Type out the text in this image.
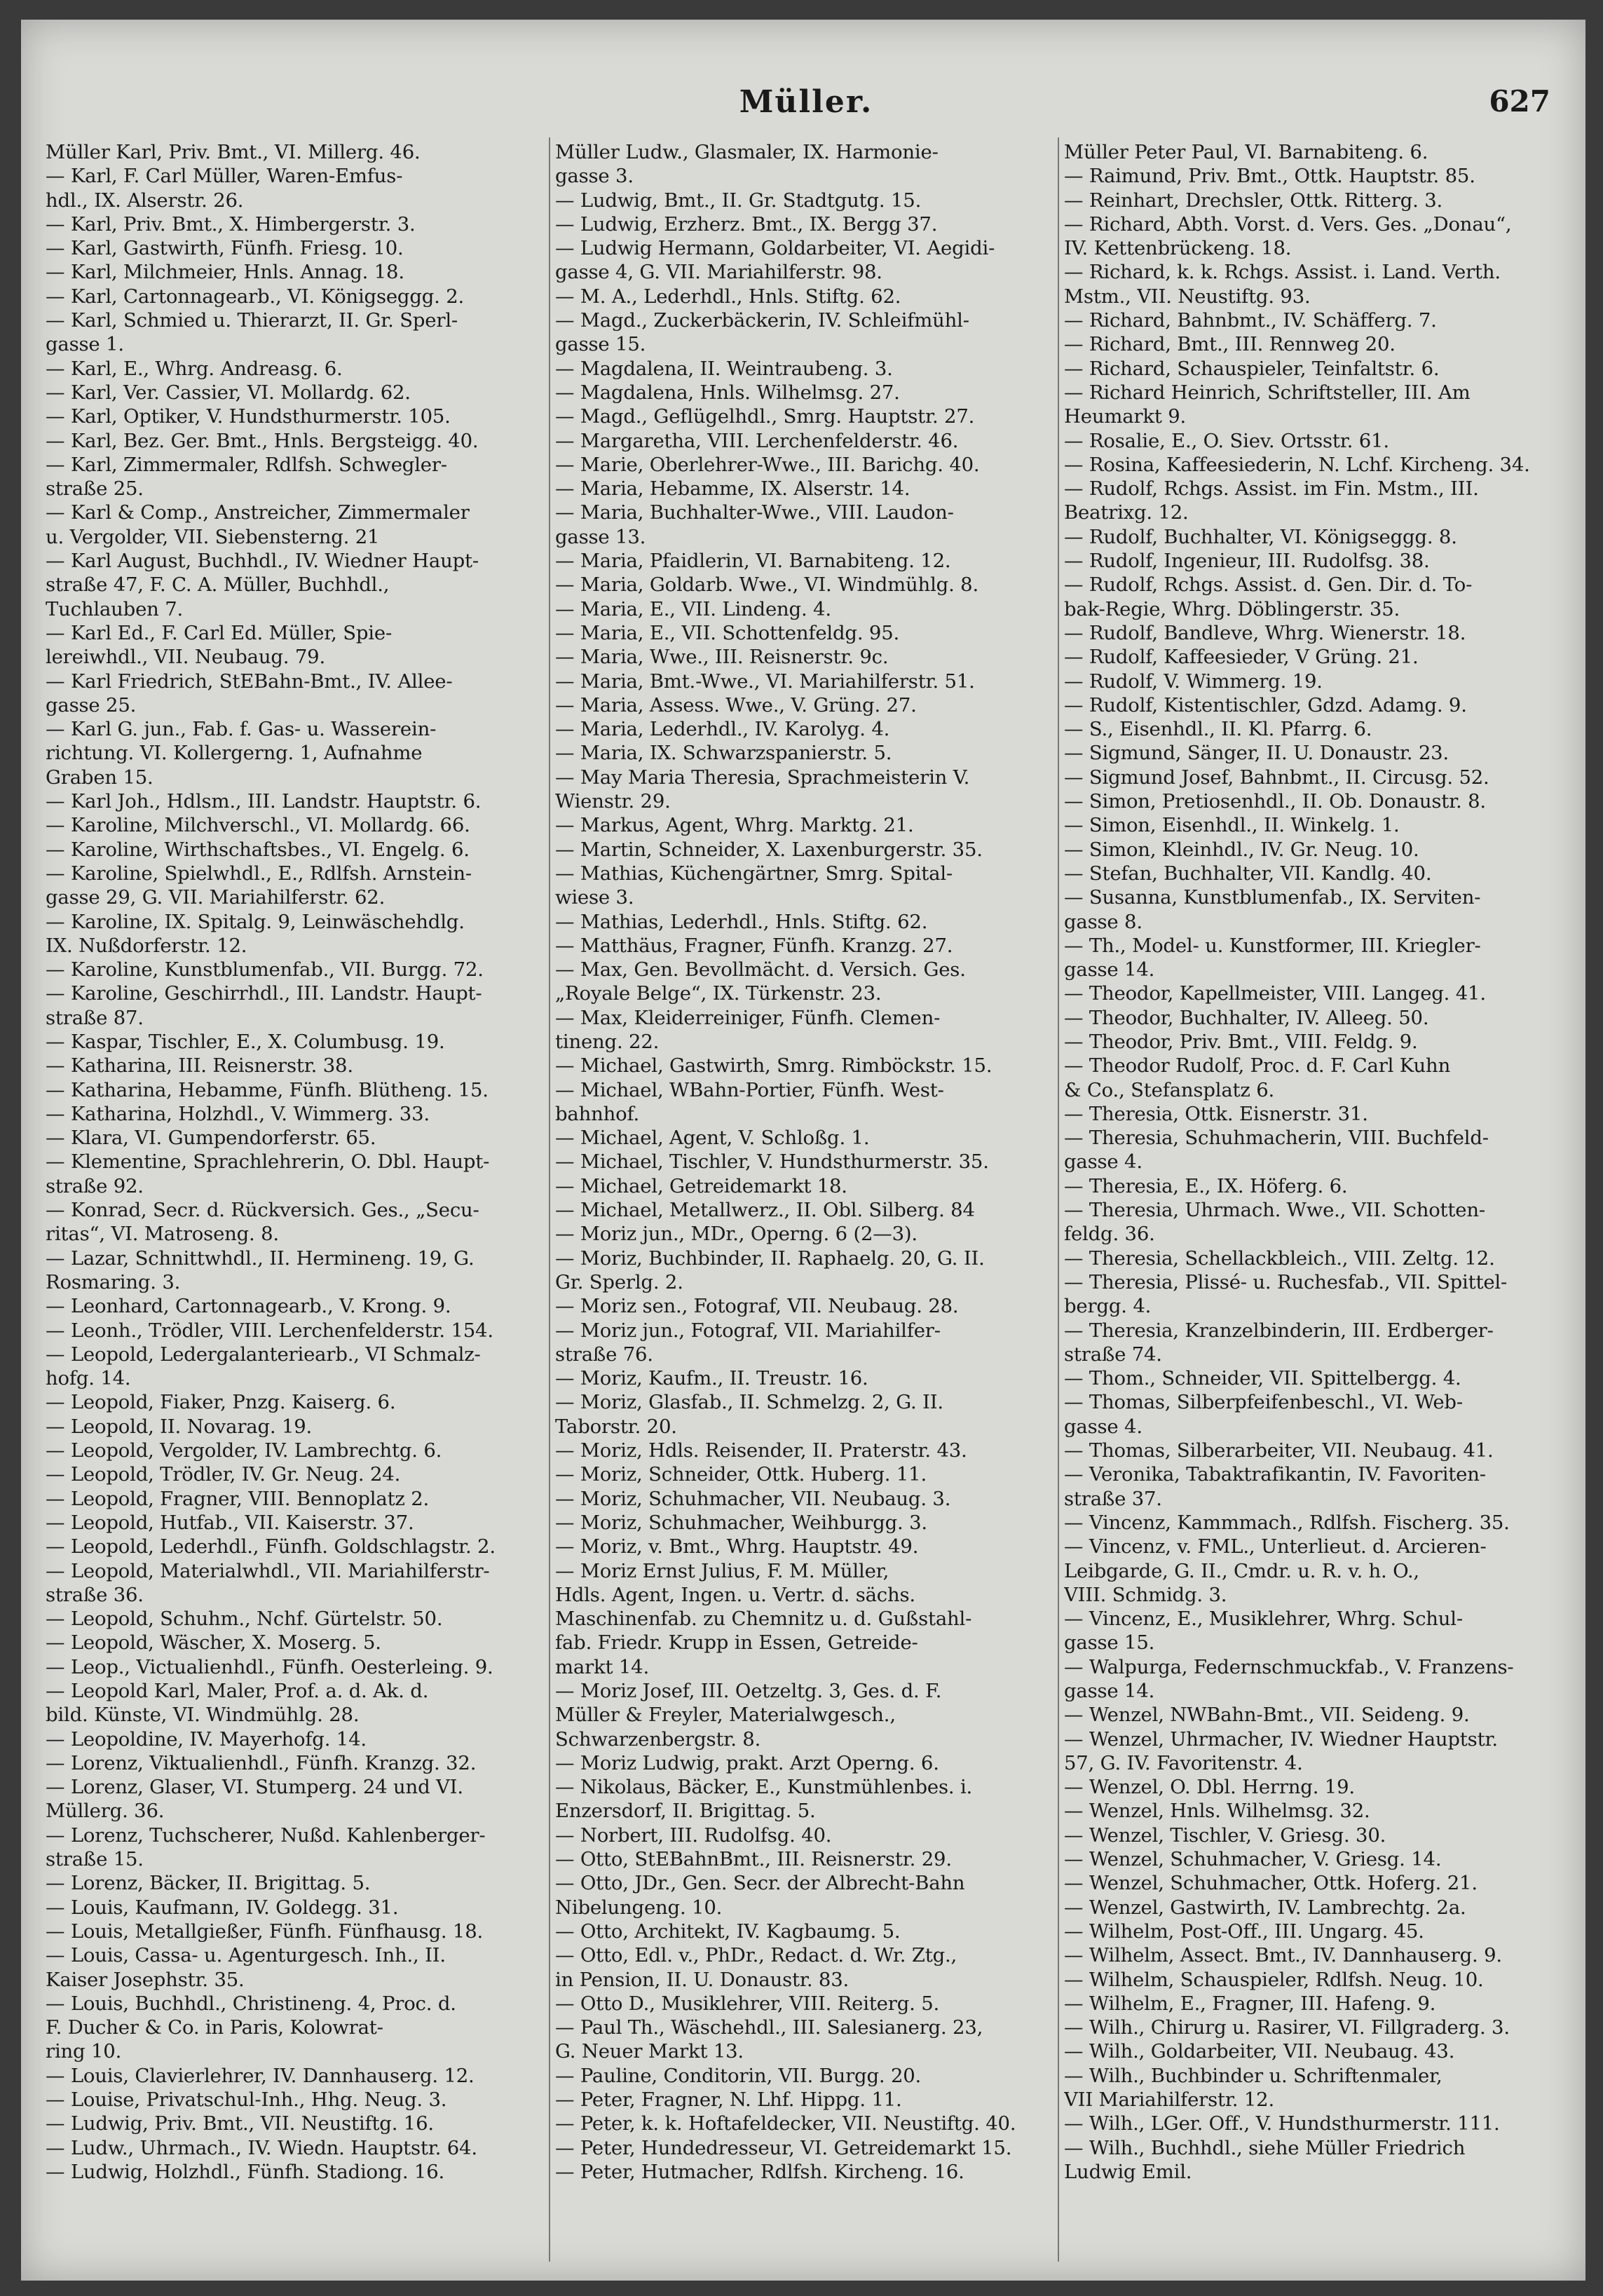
Müller.	627
Müller Karl, Priv. Bmt., VI. Millerg. 46.
— Karl, F. Carl Müller, Waren-Emfus-
hdl., IX. Alserstr. 26.
— Karl, Priv. Bmt., X. Himbergerstr. 3.
— Karl, Gastwirth, Fünfh. Friesg. 10.
— Karl, Milchmeier, Hnls. Annag. 18.
— Karl, Cartonnagearb., VI. Königseggg. 2.
— Karl, Schmied u. Thierarzt, II. Gr. Sperl-
gasse 1.
— Karl, E., Whrg. Andreasg. 6.
— Karl, Ver. Cassier, VI. Mollardg. 62.
— Karl, Optiker, V. Hundsthurmerstr. 105.
— Karl, Bez. Ger. Bmt., Hnls. Bergsteigg. 40.
— Karl, Zimmermaler, Rdlfsh. Schwegler-
straße 25.
— Karl & Comp., Anstreicher, Zimmermaler
u. Vergolder, VII. Siebensterng. 21
— Karl August, Buchhdl., IV. Wiedner Haupt-
straße 47, F. C. A. Müller, Buchhdl.,
Tuchlauben 7.
— Karl Ed., F. Carl Ed. Müller, Spie-
lereiwhdl., VII. Neubaug. 79.
— Karl Friedrich, StEBahn-Bmt., IV. Allee-
gasse 25.
— Karl G. jun., Fab. f. Gas- u. Wasserein-
richtung. VI. Kollergerng. 1, Aufnahme
Graben 15.
— Karl Joh., Hdlsm., III. Landstr. Hauptstr. 6.
— Karoline, Milchverschl., VI. Mollardg. 66.
— Karoline, Wirthschaftsbes., VI. Engelg. 6.
— Karoline, Spielwhdl., E., Rdlfsh. Arnstein-
gasse 29, G. VII. Mariahilferstr. 62.
— Karoline, IX. Spitalg. 9, Leinwäschehdlg.
IX. Nußdorferstr. 12.
— Karoline, Kunstblumenfab., VII. Burgg. 72.
— Karoline, Geschirrhdl., III. Landstr. Haupt-
straße 87.
— Kaspar, Tischler, E., X. Columbusg. 19.
— Katharina, III. Reisnerstr. 38.
— Katharina, Hebamme, Fünfh. Blütheng. 15.
— Katharina, Holzhdl., V. Wimmerg. 33.
— Klara, VI. Gumpendorferstr. 65.
— Klementine, Sprachlehrerin, O. Dbl. Haupt-
straße 92.
— Konrad, Secr. d. Rückversich. Ges., „Secu-
ritas“, VI. Matroseng. 8.
— Lazar, Schnittwhdl., II. Hermineng. 19, G.
Rosmaring. 3.
— Leonhard, Cartonnagearb., V. Krong. 9.
— Leonh., Trödler, VIII. Lerchenfelderstr. 154.
— Leopold, Ledergalanteriearb., VI Schmalz-
hofg. 14.
— Leopold, Fiaker, Pnzg. Kaiserg. 6.
— Leopold, II. Novarag. 19.
— Leopold, Vergolder, IV. Lambrechtg. 6.
— Leopold, Trödler, IV. Gr. Neug. 24.
— Leopold, Fragner, VIII. Bennoplatz 2.
— Leopold, Hutfab., VII. Kaiserstr. 37.
— Leopold, Lederhdl., Fünfh. Goldschlagstr. 2.
— Leopold, Materialwhdl., VII. Mariahilferstr-
straße 36.
— Leopold, Schuhm., Nchf. Gürtelstr. 50.
— Leopold, Wäscher, X. Moserg. 5.
— Leop., Victualienhdl., Fünfh. Oesterleing. 9.
— Leopold Karl, Maler, Prof. a. d. Ak. d.
bild. Künste, VI. Windmühlg. 28.
— Leopoldine, IV. Mayerhofg. 14.
— Lorenz, Viktualienhdl., Fünfh. Kranzg. 32.
— Lorenz, Glaser, VI. Stumperg. 24 und VI.
Müllerg. 36.
— Lorenz, Tuchscherer, Nußd. Kahlenberger-
straße 15.
— Lorenz, Bäcker, II. Brigittag. 5.
— Louis, Kaufmann, IV. Goldegg. 31.
— Louis, Metallgießer, Fünfh. Fünfhausg. 18.
— Louis, Cassa- u. Agenturgesch. Inh., II.
Kaiser Josephstr. 35.
— Louis, Buchhdl., Christineng. 4, Proc. d.
F. Ducher & Co. in Paris, Kolowrat-
ring 10.
— Louis, Clavierlehrer, IV. Dannhauserg. 12.
— Louise, Privatschul-Inh., Hhg. Neug. 3.
— Ludwig, Priv. Bmt., VII. Neustiftg. 16.
— Ludw., Uhrmach., IV. Wiedn. Hauptstr. 64.
— Ludwig, Holzhdl., Fünfh. Stadiong. 16.
Müller Ludw., Glasmaler, IX. Harmonie-
gasse 3.
— Ludwig, Bmt., II. Gr. Stadtgutg. 15.
— Ludwig, Erzherz. Bmt., IX. Bergg 37.
— Ludwig Hermann, Goldarbeiter, VI. Aegidi-
gasse 4, G. VII. Mariahilferstr. 98.
— M. A., Lederhdl., Hnls. Stiftg. 62.
— Magd., Zuckerbäckerin, IV. Schleifmühl-
gasse 15.
— Magdalena, II. Weintraubeng. 3.
— Magdalena, Hnls. Wilhelmsg. 27.
— Magd., Geflügelhdl., Smrg. Hauptstr. 27.
— Margaretha, VIII. Lerchenfelderstr. 46.
— Marie, Oberlehrer-Wwe., III. Barichg. 40.
— Maria, Hebamme, IX. Alserstr. 14.
— Maria, Buchhalter-Wwe., VIII. Laudon-
gasse 13.
— Maria, Pfaidlerin, VI. Barnabiteng. 12.
— Maria, Goldarb. Wwe., VI. Windmühlg. 8.
— Maria, E., VII. Lindeng. 4.
— Maria, E., VII. Schottenfeldg. 95.
— Maria, Wwe., III. Reisnerstr. 9c.
— Maria, Bmt.-Wwe., VI. Mariahilferstr. 51.
— Maria, Assess. Wwe., V. Grüng. 27.
— Maria, Lederhdl., IV. Karolyg. 4.
— Maria, IX. Schwarzspanierstr. 5.
— May Maria Theresia, Sprachmeisterin V.
Wienstr. 29.
— Markus, Agent, Whrg. Marktg. 21.
— Martin, Schneider, X. Laxenburgerstr. 35.
— Mathias, Küchengärtner, Smrg. Spital-
wiese 3.
— Mathias, Lederhdl., Hnls. Stiftg. 62.
— Matthäus, Fragner, Fünfh. Kranzg. 27.
— Max, Gen. Bevollmächt. d. Versich. Ges.
„Royale Belge“, IX. Türkenstr. 23.
— Max, Kleiderreiniger, Fünfh. Clemen-
tineng. 22.
— Michael, Gastwirth, Smrg. Rimböckstr. 15.
— Michael, WBahn-Portier, Fünfh. West-
bahnhof.
— Michael, Agent, V. Schloßg. 1.
— Michael, Tischler, V. Hundsthurmerstr. 35.
— Michael, Getreidemarkt 18.
— Michael, Metallwerz., II. Obl. Silberg. 84
— Moriz jun., MDr., Operng. 6 (2—3).
— Moriz, Buchbinder, II. Raphaelg. 20, G. II.
Gr. Sperlg. 2.
— Moriz sen., Fotograf, VII. Neubaug. 28.
— Moriz jun., Fotograf, VII. Mariahilfer-
straße 76.
— Moriz, Kaufm., II. Treustr. 16.
— Moriz, Glasfab., II. Schmelzg. 2, G. II.
Taborstr. 20.
— Moriz, Hdls. Reisender, II. Praterstr. 43.
— Moriz, Schneider, Ottk. Huberg. 11.
— Moriz, Schuhmacher, VII. Neubaug. 3.
— Moriz, Schuhmacher, Weihburgg. 3.
— Moriz, v. Bmt., Whrg. Hauptstr. 49.
— Moriz Ernst Julius, F. M. Müller,
Hdls. Agent, Ingen. u. Vertr. d. sächs.
Maschinenfab. zu Chemnitz u. d. Gußstahl-
fab. Friedr. Krupp in Essen, Getreide-
markt 14.
— Moriz Josef, III. Oetzeltg. 3, Ges. d. F.
Müller & Freyler, Materialwgesch.,
Schwarzenbergstr. 8.
— Moriz Ludwig, prakt. Arzt Operng. 6.
— Nikolaus, Bäcker, E., Kunstmühlenbes. i.
Enzersdorf, II. Brigittag. 5.
— Norbert, III. Rudolfsg. 40.
— Otto, StEBahnBmt., III. Reisnerstr. 29.
— Otto, JDr., Gen. Secr. der Albrecht-Bahn
Nibelungeng. 10.
— Otto, Architekt, IV. Kagbaumg. 5.
— Otto, Edl. v., PhDr., Redact. d. Wr. Ztg.,
in Pension, II. U. Donaustr. 83.
— Otto D., Musiklehrer, VIII. Reiterg. 5.
— Paul Th., Wäschehdl., III. Salesianerg. 23,
G. Neuer Markt 13.
— Pauline, Conditorin, VII. Burgg. 20.
— Peter, Fragner, N. Lhf. Hippg. 11.
— Peter, k. k. Hoftafeldecker, VII. Neustiftg. 40.
— Peter, Hundedresseur, VI. Getreidemarkt 15.
— Peter, Hutmacher, Rdlfsh. Kircheng. 16.
Müller Peter Paul, VI. Barnabiteng. 6.
— Raimund, Priv. Bmt., Ottk. Hauptstr. 85.
— Reinhart, Drechsler, Ottk. Ritterg. 3.
— Richard, Abth. Vorst. d. Vers. Ges. „Donau“,
IV. Kettenbrückeng. 18.
— Richard, k. k. Rchgs. Assist. i. Land. Verth.
Mstm., VII. Neustiftg. 93.
— Richard, Bahnbmt., IV. Schäfferg. 7.
— Richard, Bmt., III. Rennweg 20.
— Richard, Schauspieler, Teinfaltstr. 6.
— Richard Heinrich, Schriftsteller, III. Am
Heumarkt 9.
— Rosalie, E., O. Siev. Ortsstr. 61.
— Rosina, Kaffeesiederin, N. Lchf. Kircheng. 34.
— Rudolf, Rchgs. Assist. im Fin. Mstm., III.
Beatrixg. 12.
— Rudolf, Buchhalter, VI. Königseggg. 8.
— Rudolf, Ingenieur, III. Rudolfsg. 38.
— Rudolf, Rchgs. Assist. d. Gen. Dir. d. To-
bak-Regie, Whrg. Döblingerstr. 35.
— Rudolf, Bandleve, Whrg. Wienerstr. 18.
— Rudolf, Kaffeesieder, V Grüng. 21.
— Rudolf, V. Wimmerg. 19.
— Rudolf, Kistentischler, Gdzd. Adamg. 9.
— S., Eisenhdl., II. Kl. Pfarrg. 6.
— Sigmund, Sänger, II. U. Donaustr. 23.
— Sigmund Josef, Bahnbmt., II. Circusg. 52.
— Simon, Pretiosenhdl., II. Ob. Donaustr. 8.
— Simon, Eisenhdl., II. Winkelg. 1.
— Simon, Kleinhdl., IV. Gr. Neug. 10.
— Stefan, Buchhalter, VII. Kandlg. 40.
— Susanna, Kunstblumenfab., IX. Serviten-
gasse 8.
— Th., Model- u. Kunstformer, III. Kriegler-
gasse 14.
— Theodor, Kapellmeister, VIII. Langeg. 41.
— Theodor, Buchhalter, IV. Alleeg. 50.
— Theodor, Priv. Bmt., VIII. Feldg. 9.
— Theodor Rudolf, Proc. d. F. Carl Kuhn
& Co., Stefansplatz 6.
— Theresia, Ottk. Eisnerstr. 31.
— Theresia, Schuhmacherin, VIII. Buchfeld-
gasse 4.
— Theresia, E., IX. Höferg. 6.
— Theresia, Uhrmach. Wwe., VII. Schotten-
feldg. 36.
— Theresia, Schellackbleich., VIII. Zeltg. 12.
— Theresia, Plissé- u. Ruchesfab., VII. Spittel-
bergg. 4.
— Theresia, Kranzelbinderin, III. Erdberger-
straße 74.
— Thom., Schneider, VII. Spittelbergg. 4.
— Thomas, Silberpfeifenbeschl., VI. Web-
gasse 4.
— Thomas, Silberarbeiter, VII. Neubaug. 41.
— Veronika, Tabaktrafikantin, IV. Favoriten-
straße 37.
— Vincenz, Kammmach., Rdlfsh. Fischerg. 35.
— Vincenz, v. FML., Unterlieut. d. Arcieren-
Leibgarde, G. II., Cmdr. u. R. v. h. O.,
VIII. Schmidg. 3.
— Vincenz, E., Musiklehrer, Whrg. Schul-
gasse 15.
— Walpurga, Federnschmuckfab., V. Franzens-
gasse 14.
— Wenzel, NWBahn-Bmt., VII. Seideng. 9.
— Wenzel, Uhrmacher, IV. Wiedner Hauptstr.
57, G. IV. Favoritenstr. 4.
— Wenzel, O. Dbl. Herrng. 19.
— Wenzel, Hnls. Wilhelmsg. 32.
— Wenzel, Tischler, V. Griesg. 30.
— Wenzel, Schuhmacher, V. Griesg. 14.
— Wenzel, Schuhmacher, Ottk. Hoferg. 21.
— Wenzel, Gastwirth, IV. Lambrechtg. 2a.
— Wilhelm, Post-Off., III. Ungarg. 45.
— Wilhelm, Assect. Bmt., IV. Dannhauserg. 9.
— Wilhelm, Schauspieler, Rdlfsh. Neug. 10.
— Wilhelm, E., Fragner, III. Hafeng. 9.
— Wilh., Chirurg u. Rasirer, VI. Fillgraderg. 3.
— Wilh., Goldarbeiter, VII. Neubaug. 43.
— Wilh., Buchbinder u. Schriftenmaler,
VII Mariahilferstr. 12.
— Wilh., LGer. Off., V. Hundsthurmerstr. 111.
— Wilh., Buchhdl., siehe Müller Friedrich
Ludwig Emil.
